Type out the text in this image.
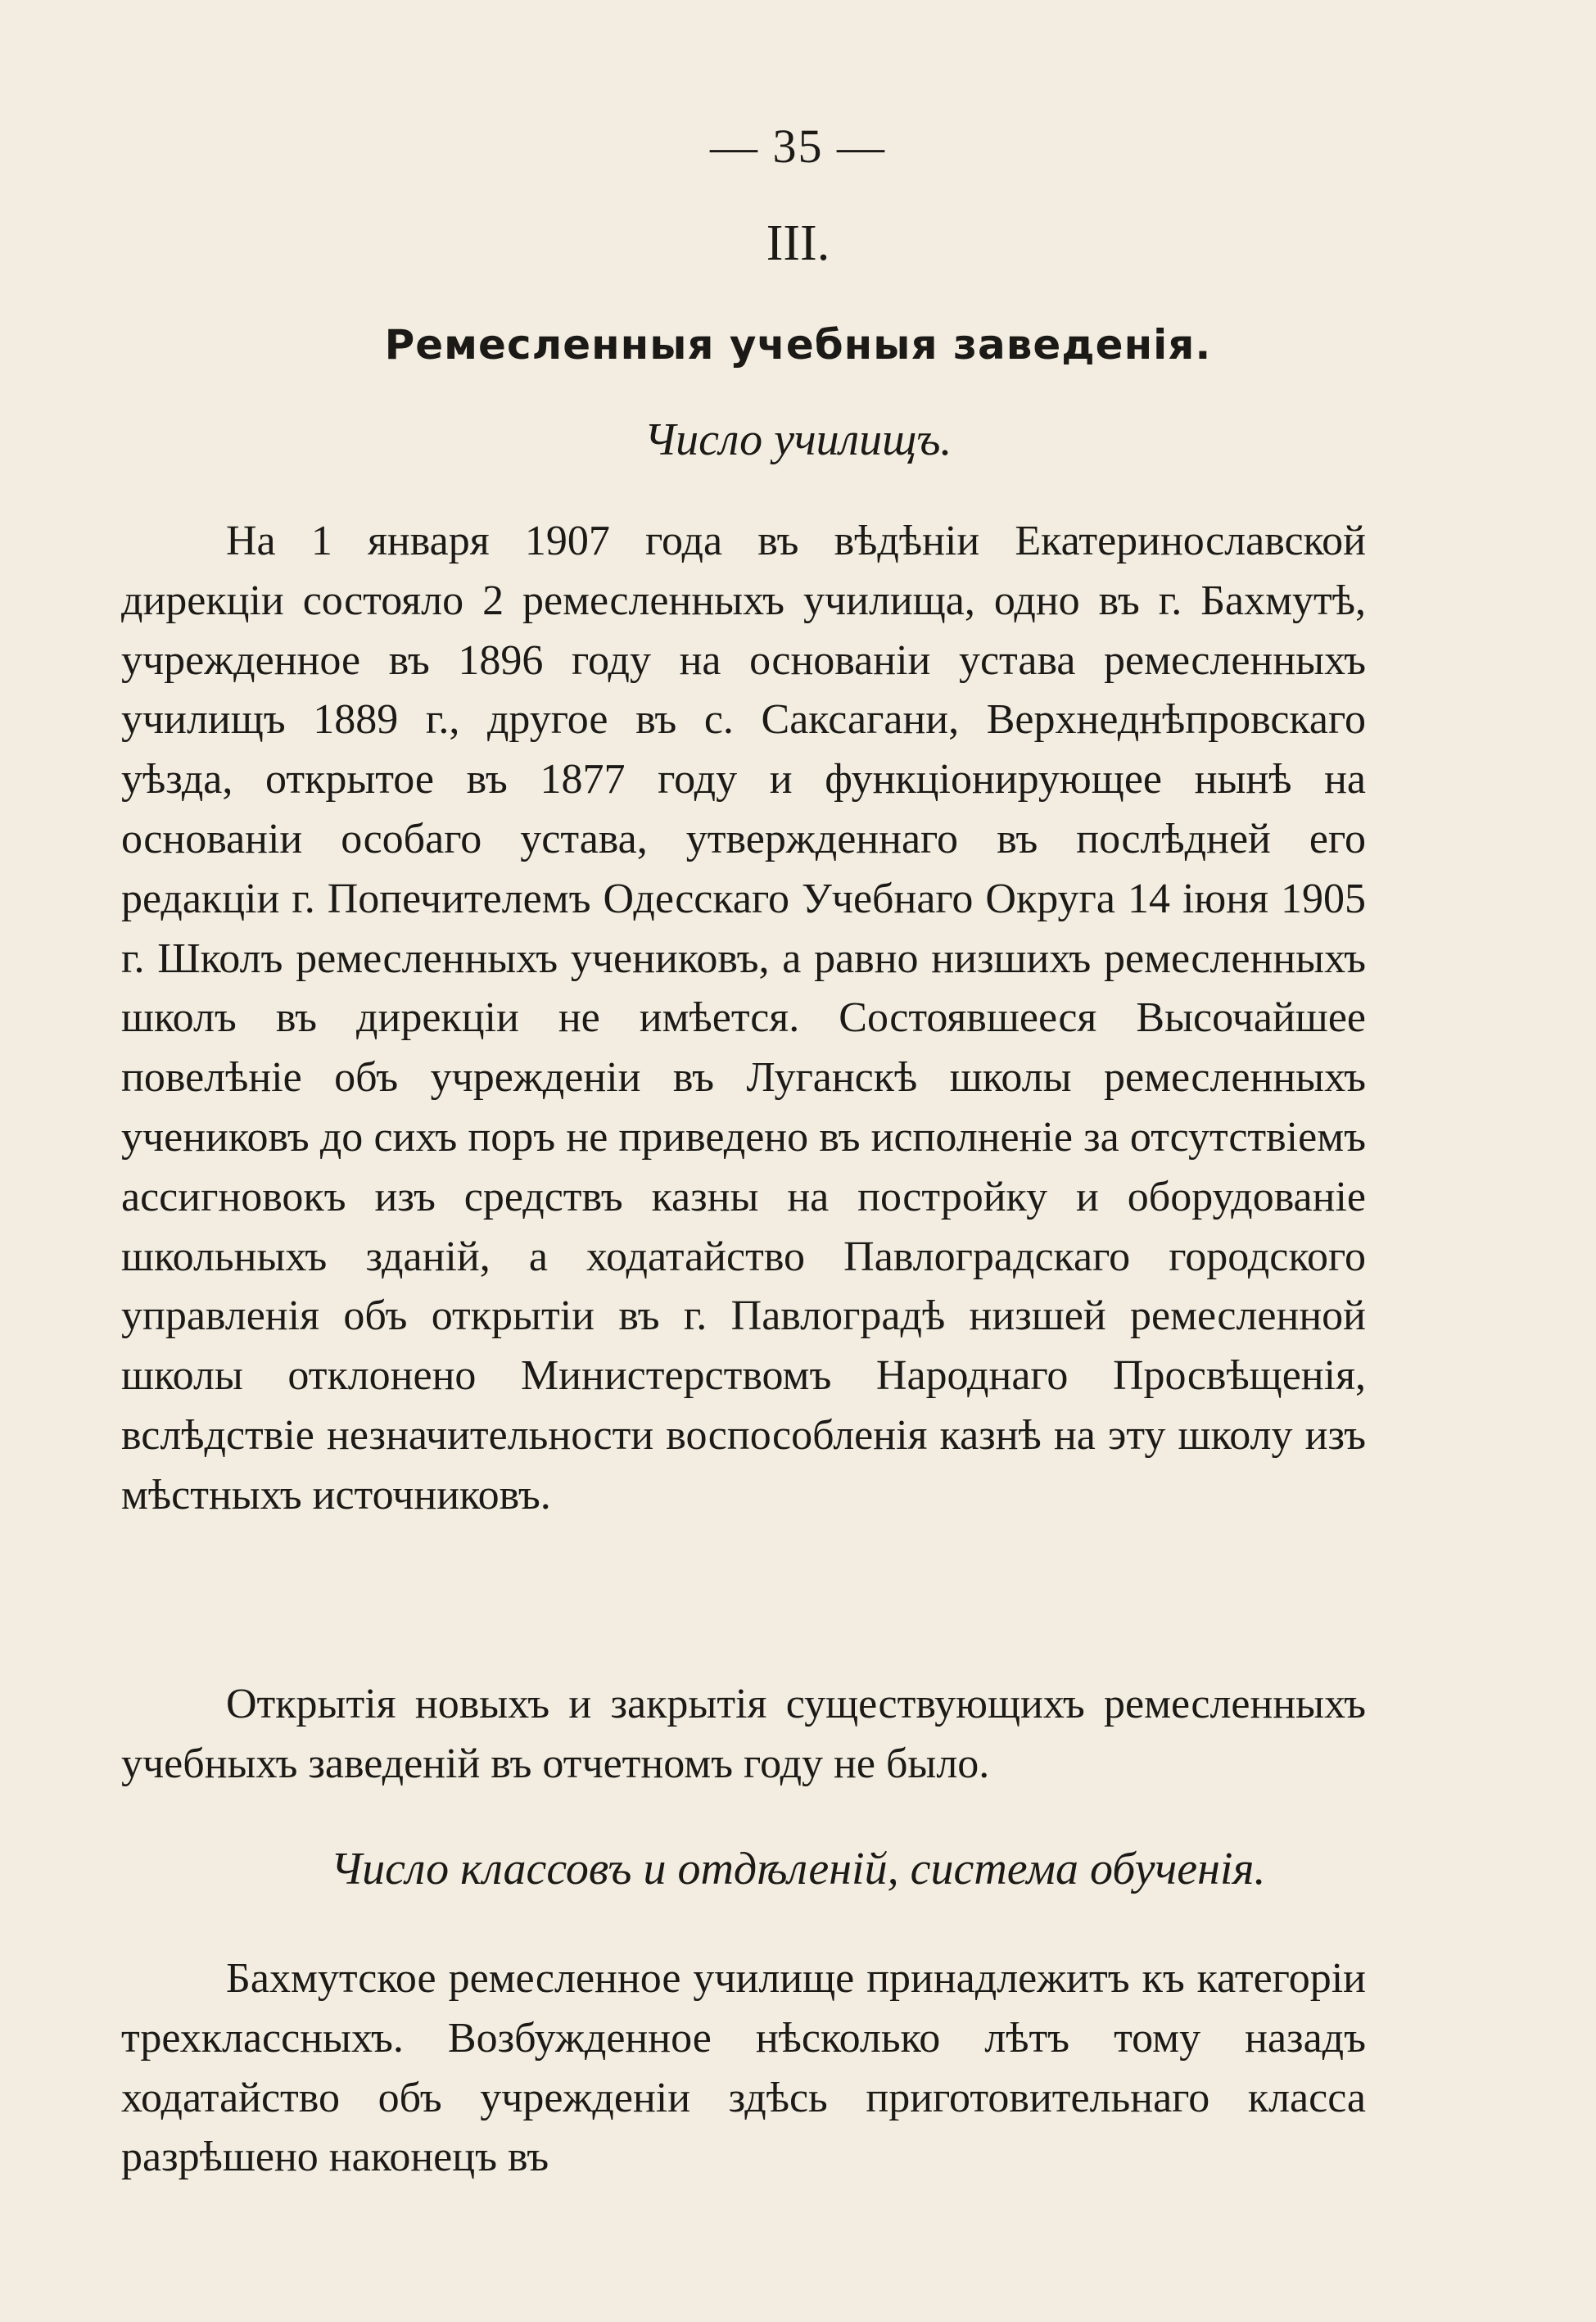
— 35 —
III.
Ремесленныя учебныя заведенія.
Число училищъ.
На 1 января 1907 года въ вѣдѣніи Екатеринославской дирекціи состояло 2 ремесленныхъ училища, одно въ г. Бахмутѣ, учрежденное въ 1896 году на основаніи устава ремесленныхъ училищъ 1889 г., другое въ с. Саксагани, Верхнеднѣпровскаго уѣзда, открытое въ 1877 году и функціонирующее нынѣ на основаніи особаго устава, утвержденнаго въ послѣдней его редакціи г. Попечителемъ Одесскаго Учебнаго Округа 14 іюня 1905 г. Школъ ремесленныхъ учениковъ, а равно низшихъ ремесленныхъ школъ въ дирекціи не имѣется. Состоявшееся Высочайшее повелѣніе объ учрежденіи въ Луганскѣ школы ремесленныхъ учениковъ до сихъ поръ не приведено въ исполненіе за отсутствіемъ ассигновокъ изъ средствъ казны на постройку и оборудованіе школьныхъ зданій, а ходатайство Павлоградскаго городского управленія объ открытіи въ г. Павлоградѣ низшей ремесленной школы отклонено Министерствомъ Народнаго Просвѣщенія, вслѣдствіе незначительности воспособленія казнѣ на эту школу изъ мѣстныхъ источниковъ.
Открытія новыхъ и закрытія существующихъ ремесленныхъ учебныхъ заведеній въ отчетномъ году не было.
Число классовъ и отдѣленій, система обученія.
Бахмутское ремесленное училище принадлежитъ къ категоріи трехклассныхъ. Возбужденное нѣсколько лѣтъ тому назадъ ходатайство объ учрежденіи здѣсь приготовительнаго класса разрѣшено наконецъ въ
